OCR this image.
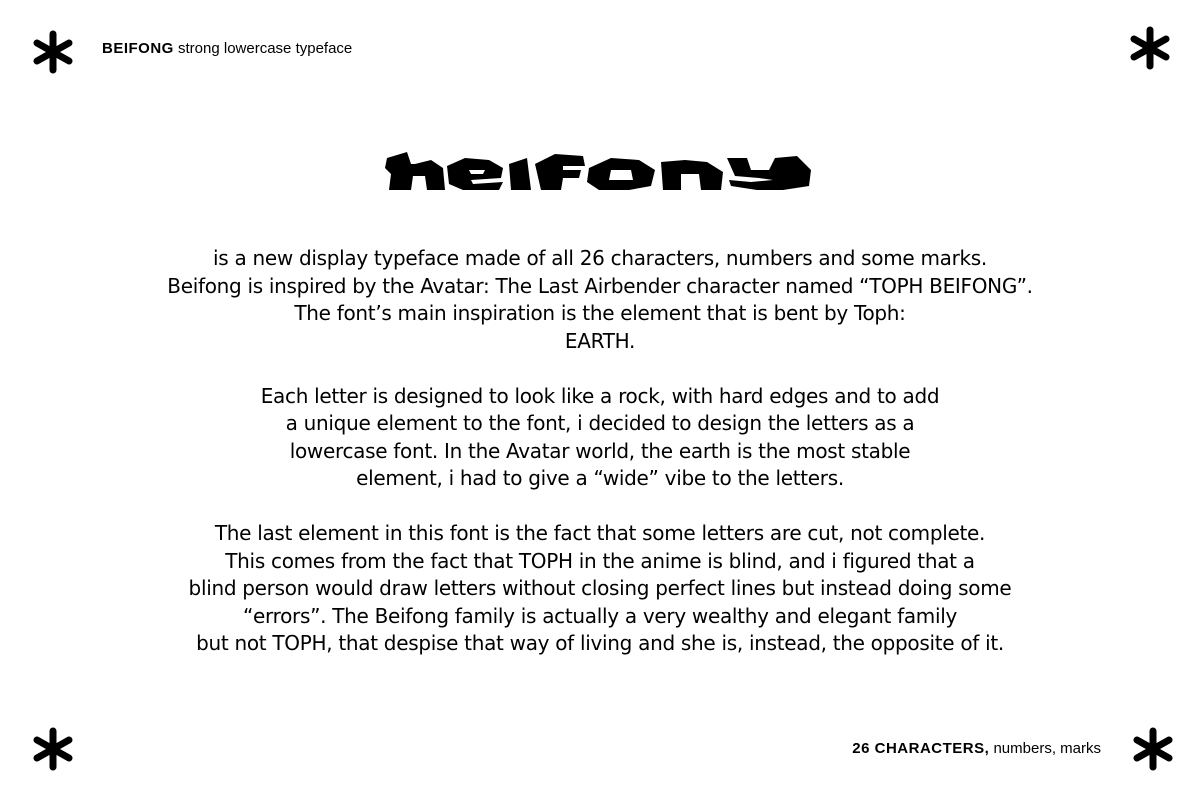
BEIFONG strong lowercase typeface

is a new display typeface made of all 26 characters, numbers and some marks.
Beifong is inspired by the Avatar: The Last Airbender character named “TOPH BEIFONG”.
The font’s main inspiration is the element that is bent by Toph:
EARTH.

Each letter is designed to look like a rock, with hard edges and to add
a unique element to the font, i decided to design the letters as a
lowercase font. In the Avatar world, the earth is the most stable
element, i had to give a “wide” vibe to the letters.

The last element in this font is the fact that some letters are cut, not complete.
This comes from the fact that TOPH in the anime is blind, and i figured that a
blind person would draw letters without closing perfect lines but instead doing some
“errors”. The Beifong family is actually a very wealthy and elegant family
but not TOPH, that despise that way of living and she is, instead, the opposite of it.

26 CHARACTERS, numbers, marks
